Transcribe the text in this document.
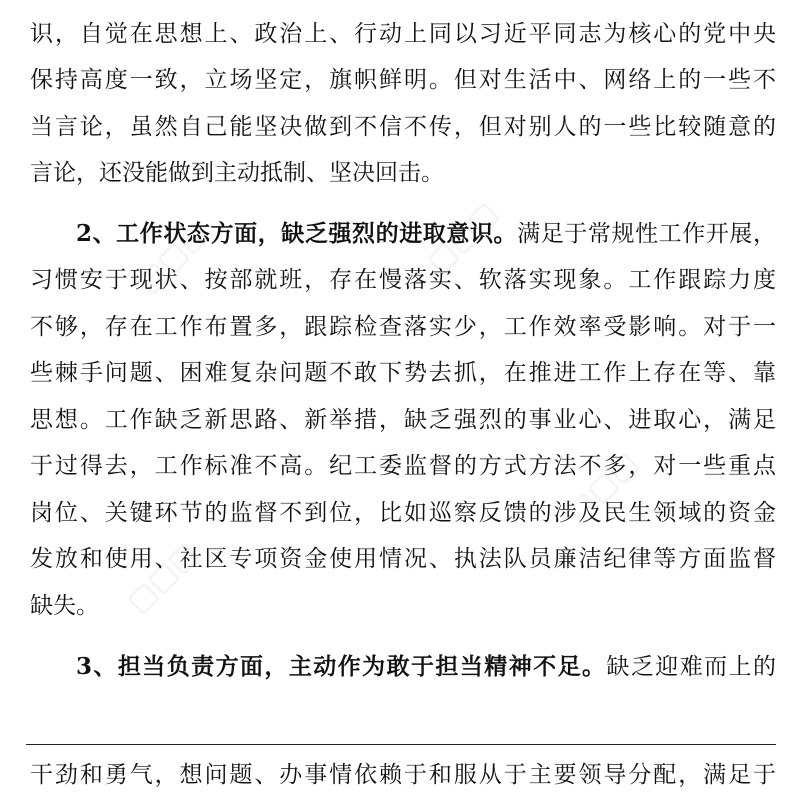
识，自觉在思想上、政治上、行动上同以习近平同志为核心的党中央
保持高度一致，立场坚定，旗帜鲜明。但对生活中、网络上的一些不
当言论，虽然自己能坚决做到不信不传，但对别人的一些比较随意的
言论，还没能做到主动抵制、坚决回击。
2、工作状态方面，缺乏强烈的进取意识。满足于常规性工作开展，
习惯安于现状、按部就班，存在慢落实、软落实现象。工作跟踪力度
不够，存在工作布置多，跟踪检查落实少，工作效率受影响。对于一
些棘手问题、困难复杂问题不敢下势去抓，在推进工作上存在等、靠
思想。工作缺乏新思路、新举措，缺乏强烈的事业心、进取心，满足
于过得去，工作标准不高。纪工委监督的方式方法不多，对一些重点
岗位、关键环节的监督不到位，比如巡察反馈的涉及民生领域的资金
发放和使用、社区专项资金使用情况、执法队员廉洁纪律等方面监督
缺失。
3、担当负责方面，主动作为敢于担当精神不足。缺乏迎难而上的
干劲和勇气，想问题、办事情依赖于和服从于主要领导分配，满足于
